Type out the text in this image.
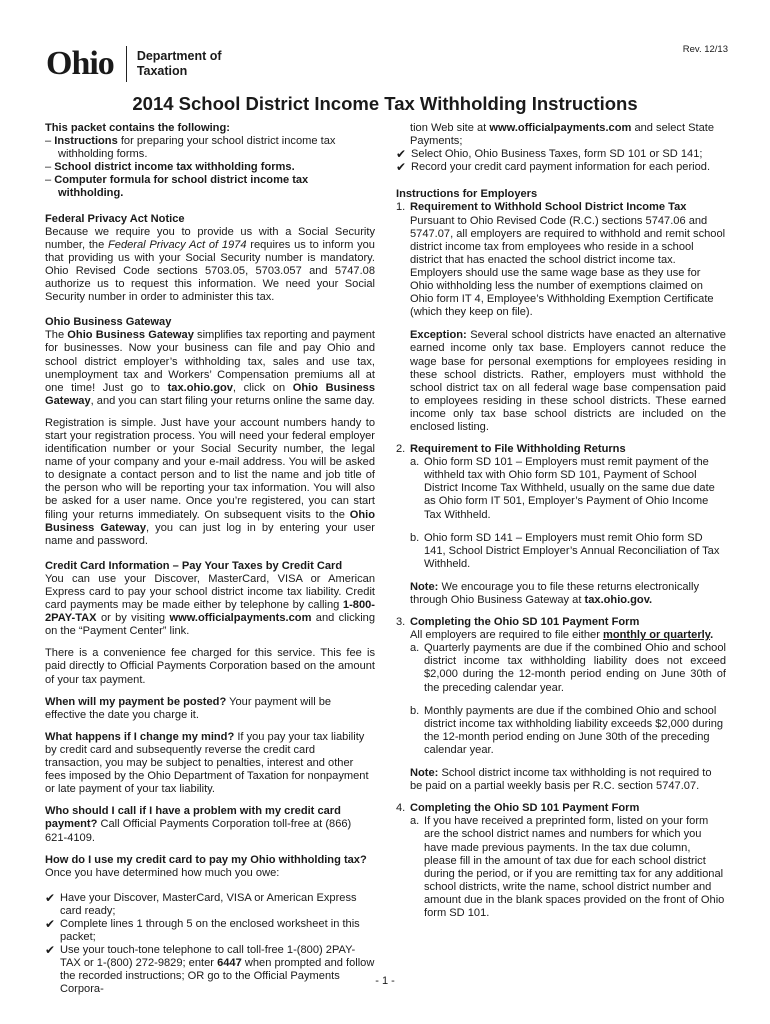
Ohio Department of
Taxation
Rev. 12/13
2014 School District Income Tax Withholding Instructions
This packet contains the following:
– Instructions for preparing your school district income tax withholding forms.
– School district income tax withholding forms.
– Computer formula for school district income tax withholding.
Federal Privacy Act Notice

Because we require you to provide us with a Social Security number, the Federal Privacy Act of 1974 requires us to inform you that providing us with your Social Security number is mandatory. Ohio Revised Code sections 5703.05, 5703.057 and 5747.08 authorize us to request this information. We need your Social Security number in order to administer this tax.

Ohio Business Gateway

The Ohio Business Gateway simplifies tax reporting and payment for businesses. Now your business can file and pay Ohio and school district employer’s withholding tax, sales and use tax, unemployment tax and Workers’ Compensation premiums all at one time! Just go to tax.ohio.gov, click on Ohio Business Gateway, and you can start filing your returns online the same day.

Registration is simple. Just have your account numbers handy to start your registration process. You will need your federal employer identification number or your Social Security number, the legal name of your company and your e-mail address. You will be asked to designate a contact person and to list the name and job title of the person who will be reporting your tax information. You will also be asked for a user name. Once you’re registered, you can start filing your returns immediately. On subsequent visits to the Ohio Business Gateway, you can just log in by entering your user name and password.

Credit Card Information – Pay Your Taxes by Credit Card

You can use your Discover, MasterCard, VISA or American Express card to pay your school district income tax liability. Credit card payments may be made either by telephone by calling 1-800-2PAY-TAX or by visiting www.officialpayments.com and clicking on the “Payment Center” link.

There is a convenience fee charged for this service. This fee is paid directly to Official Payments Corporation based on the amount of your tax payment.

When will my payment be posted? Your payment will be effective the date you charge it.

What happens if I change my mind? If you pay your tax liability by credit card and subsequently reverse the credit card transaction, you may be subject to penalties, interest and other fees imposed by the Ohio Department of Taxation for nonpayment or late payment of your tax liability.

Who should I call if I have a problem with my credit card payment? Call Official Payments Corporation toll-free at (866) 621-4109.

How do I use my credit card to pay my Ohio withholding tax? Once you have determined how much you owe:

✔ Have your Discover, MasterCard, VISA or American Express card ready;
✔ Complete lines 1 through 5 on the enclosed worksheet in this packet;
✔ Use your touch-tone telephone to call toll-free 1-(800) 2PAY- TAX or 1-(800) 272-9829; enter 6447 when prompted and follow the recorded instructions; OR go to the Official Payments Corpora-
tion Web site at www.officialpayments.com and select State Payments;
✔ Select Ohio, Ohio Business Taxes, form SD 101 or SD 141;
✔ Record your credit card payment information for each period.
Instructions for Employers
1. Requirement to Withhold School District Income Tax

Pursuant to Ohio Revised Code (R.C.) sections 5747.06 and 5747.07, all employers are required to withhold and remit school district income tax from employees who reside in a school district that has enacted the school district income tax. Employers should use the same wage base as they use for Ohio withholding less the number of exemptions claimed on Ohio form IT 4, Employee’s Withholding Exemption Certificate (which they keep on file).

Exception: Several school districts have enacted an alternative earned income only tax base. Employers cannot reduce the wage base for personal exemptions for employees residing in these school districts. Rather, employers must withhold the school district tax on all federal wage base compensation paid to employees residing in these school districts. These earned income only tax base school districts are included on the enclosed listing.

2. Requirement to File Withholding Returns
a. Ohio form SD 101 – Employers must remit payment of the withheld tax with Ohio form SD 101, Payment of School District Income Tax Withheld, usually on the same due date as Ohio form IT 501, Employer’s Payment of Ohio Income Tax Withheld.
b. Ohio form SD 141 – Employers must remit Ohio form SD 141, School District Employer’s Annual Reconciliation of Tax Withheld.

Note: We encourage you to file these returns electronically through Ohio Business Gateway at tax.ohio.gov.

3. Completing the Ohio SD 101 Payment Form
All employers are required to file either monthly or quarterly.
a. Quarterly payments are due if the combined Ohio and school district income tax withholding liability does not exceed $2,000 during the 12-month period ending on June 30th of the preceding calendar year.
b. Monthly payments are due if the combined Ohio and school district income tax withholding liability exceeds $2,000 during the 12-month period ending on June 30th of the preceding calendar year.

Note: School district income tax withholding is not required to be paid on a partial weekly basis per R.C. section 5747.07.

4. Completing the Ohio SD 101 Payment Form
a. If you have received a preprinted form, listed on your form are the school district names and numbers for which you have made previous payments. In the tax due column, please fill in the amount of tax due for each school district during the period, or if you are remitting tax for any additional school districts, write the name, school district number and amount due in the blank spaces provided on the front of Ohio form SD 101.
- 1 -
